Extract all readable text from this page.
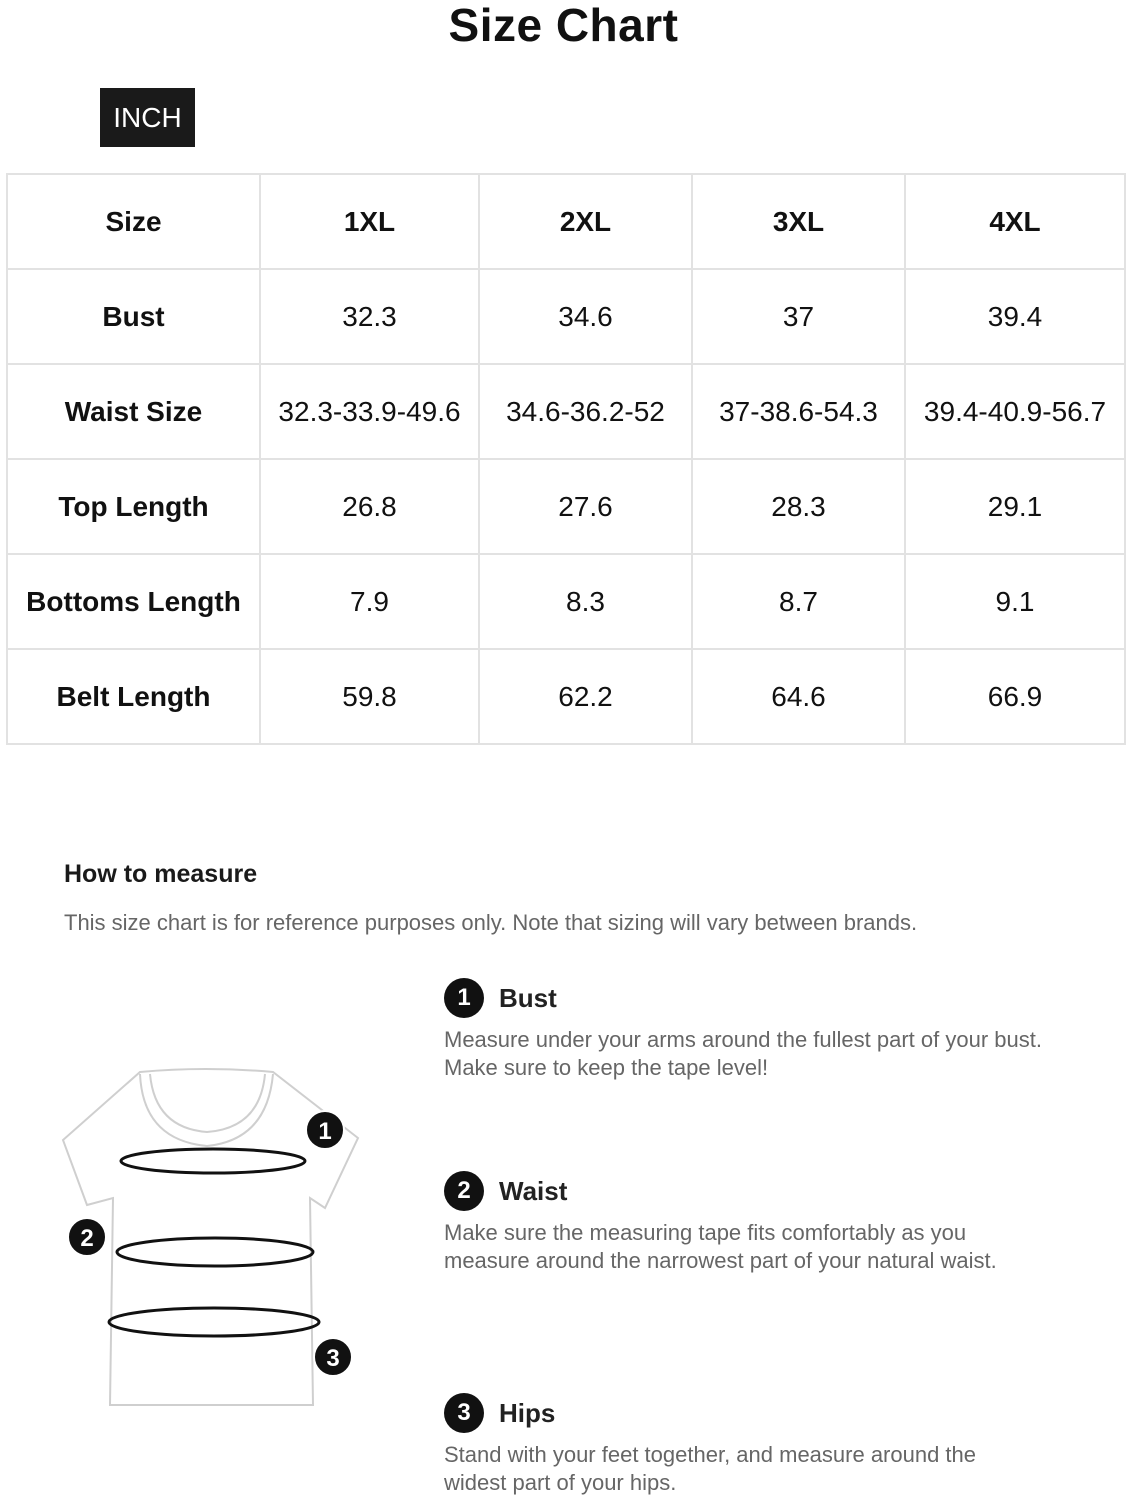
Size Chart
INCH
Size	1XL	2XL	3XL	4XL
Bust	32.3	34.6	37	39.4
Waist Size	32.3-33.9-49.6	34.6-36.2-52	37-38.6-54.3	39.4-40.9-56.7
Top Length	26.8	27.6	28.3	29.1
Bottoms Length	7.9	8.3	8.7	9.1
Belt Length	59.8	62.2	64.6	66.9
How to measure
This size chart is for reference purposes only. Note that sizing will vary between brands.
1
2
3
1	Bust
Measure under your arms around the fullest part of your bust. Make sure to keep the tape level!
2	Waist
Make sure the measuring tape fits comfortably as you measure around the narrowest part of your natural waist.
3	Hips
Stand with your feet together, and measure around the widest part of your hips.
